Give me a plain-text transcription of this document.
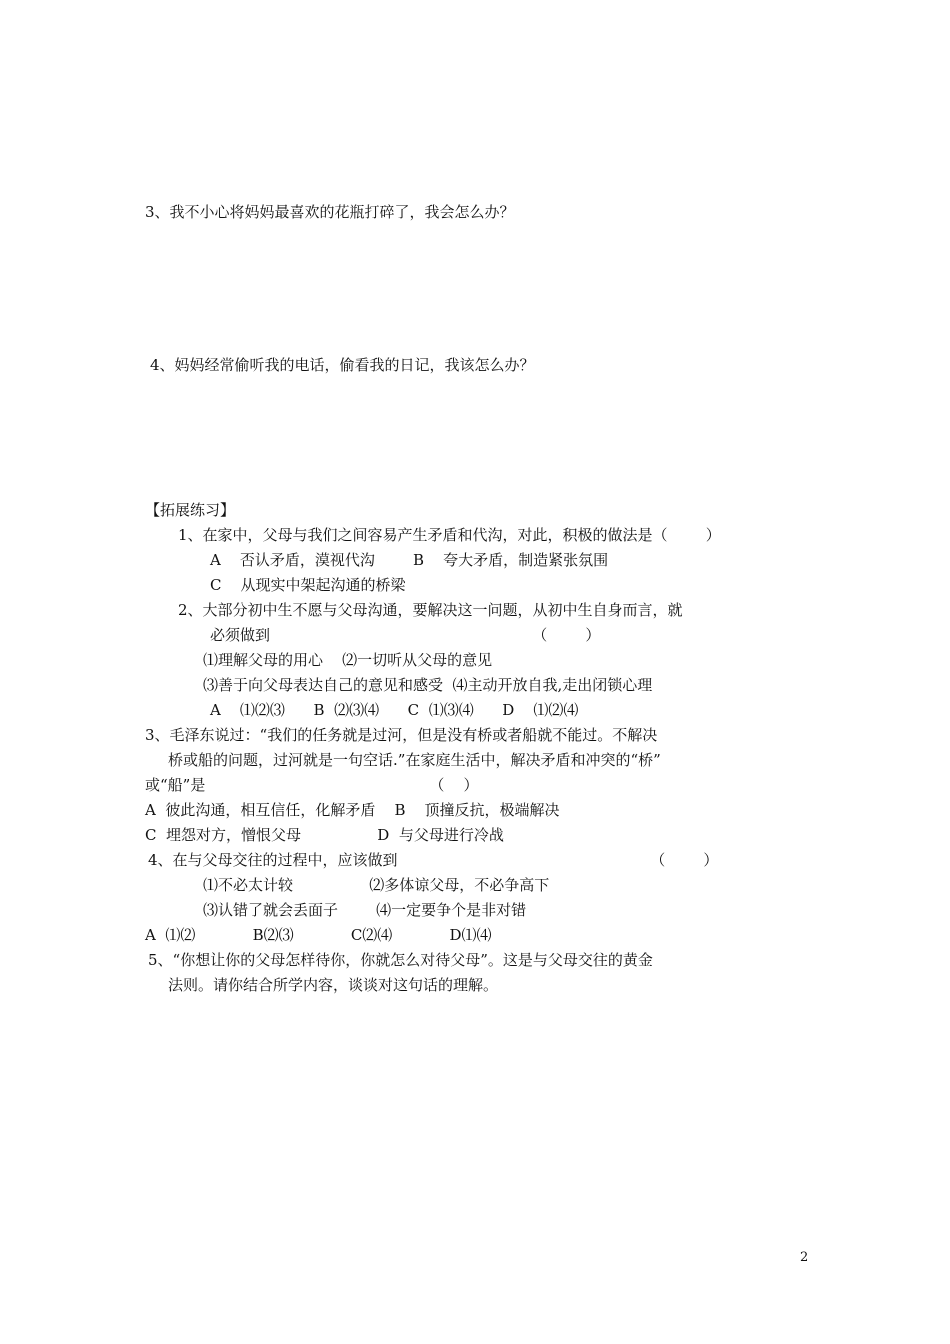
3、我不小心将妈妈最喜欢的花瓶打碎了，我会怎么办？
4、妈妈经常偷听我的电话，偷看我的日记，我该怎么办？
【拓展练习】
1、在家中，父母与我们之间容易产生矛盾和代沟，对此，积极的做法是（        ）
A    否认矛盾，漠视代沟        B    夸大矛盾，制造紧张氛围
C    从现实中架起沟通的桥梁
2、大部分初中生不愿与父母沟通，要解决这一问题，从初中生自身而言，就
必须做到                                                       （        ）
⑴理解父母的用心    ⑵一切听从父母的意见
⑶善于向父母表达自己的意见和感受  ⑷主动开放自我,走出闭锁心理
A    ⑴⑵⑶      B  ⑵⑶⑷      C  ⑴⑶⑷      D    ⑴⑵⑷
3、毛泽东说过：“我们的任务就是过河，但是没有桥或者船就不能过。不解决
桥或船的问题，过河就是一句空话.”在家庭生活中，解决矛盾和冲突的“桥”
或“船”是                                               （    ）
A  彼此沟通，相互信任，化解矛盾    B    顶撞反抗，极端解决
C  埋怨对方，憎恨父母                D  与父母进行冷战
4、在与父母交往的过程中，应该做到                                                     （        ）
⑴不必太计较                ⑵多体谅父母，不必争高下
⑶认错了就会丢面子        ⑷一定要争个是非对错
A  ⑴⑵            B⑵⑶            C⑵⑷            D⑴⑷
5、“你想让你的父母怎样待你，你就怎么对待父母”。这是与父母交往的黄金
法则。请你结合所学内容，谈谈对这句话的理解。
2
